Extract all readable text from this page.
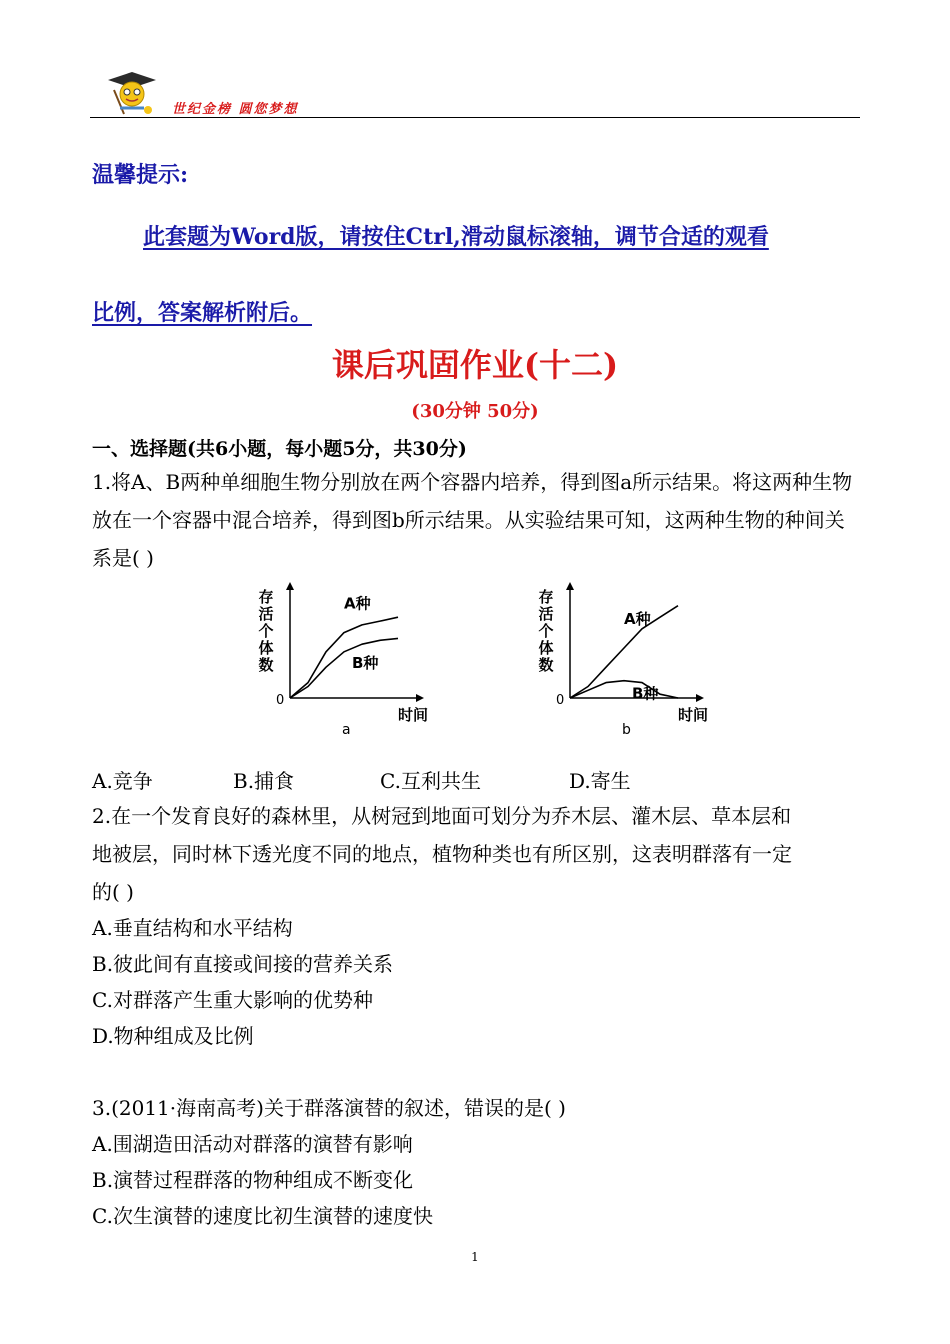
世纪金榜 圆您梦想
温馨提示:
此套题为Word版，请按住Ctrl,滑动鼠标滚轴，调节合适的观看
比例，答案解析附后。
课后巩固作业(十二)
(30分钟 50分)
一、选择题(共6小题，每小题5分，共30分)
1.将A、B两种单细胞生物分别放在两个容器内培养，得到图a所示结果。将这两种生物放在一个容器中混合培养，得到图b所示结果。从实验结果可知，这两种生物的种间关系是( )
存
活
个
体
数
0
时间
a
A种
B种
存
活
个
体
数
0
时间
b
A种
B种
A.竞争	B.捕食	C.互利共生	D.寄生
2.在一个发育良好的森林里，从树冠到地面可划分为乔木层、灌木层、草本层和
地被层，同时林下透光度不同的地点，植物种类也有所区别，这表明群落有一定
的( )
A.垂直结构和水平结构
B.彼此间有直接或间接的营养关系
C.对群落产生重大影响的优势种
D.物种组成及比例
3.(2011·海南高考)关于群落演替的叙述，错误的是( )
A.围湖造田活动对群落的演替有影响
B.演替过程群落的物种组成不断变化
C.次生演替的速度比初生演替的速度快
1
